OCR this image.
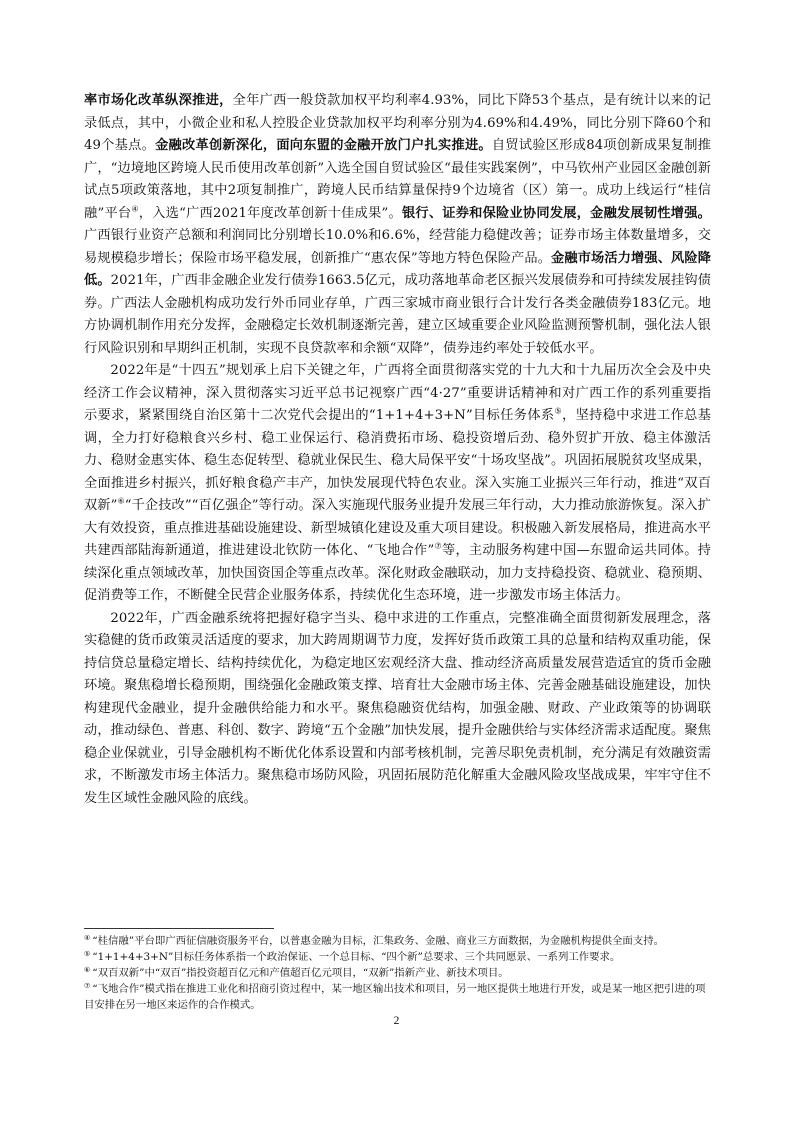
率市场化改革纵深推进，全年广西一般贷款加权平均利率4.93%，同比下降53个基点，是有统计以来的记录低点，其中，小微企业和私人控股企业贷款加权平均利率分别为4.69%和4.49%，同比分别下降60个和49个基点。金融改革创新深化，面向东盟的金融开放门户扎实推进。自贸试验区形成84项创新成果复制推广，“边境地区跨境人民币使用改革创新”入选全国自贸试验区“最佳实践案例”，中马钦州产业园区金融创新试点5项政策落地，其中2项复制推广，跨境人民币结算量保持9个边境省（区）第一。成功上线运行“桂信融”平台④，入选“广西2021年度改革创新十佳成果”。银行、证券和保险业协同发展，金融发展韧性增强。广西银行业资产总额和利润同比分别增长10.0%和6.6%，经营能力稳健改善；证券市场主体数量增多，交易规模稳步增长；保险市场平稳发展，创新推广“惠农保”等地方特色保险产品。金融市场活力增强、风险降低。2021年，广西非金融企业发行债券1663.5亿元，成功落地革命老区振兴发展债券和可持续发展挂钩债券。广西法人金融机构成功发行外币同业存单，广西三家城市商业银行合计发行各类金融债券183亿元。地方协调机制作用充分发挥，金融稳定长效机制逐渐完善，建立区域重要企业风险监测预警机制，强化法人银行风险识别和早期纠正机制，实现不良贷款率和余额“双降”，债券违约率处于较低水平。

2022年是“十四五”规划承上启下关键之年，广西将全面贯彻落实党的十九大和十九届历次全会及中央经济工作会议精神，深入贯彻落实习近平总书记视察广西“4·27”重要讲话精神和对广西工作的系列重要指示要求，紧紧围绕自治区第十二次党代会提出的“1+1+4+3+N”目标任务体系⑤，坚持稳中求进工作总基调，全力打好稳粮食兴乡村、稳工业保运行、稳消费拓市场、稳投资增后劲、稳外贸扩开放、稳主体激活力、稳财金惠实体、稳生态促转型、稳就业保民生、稳大局保平安“十场攻坚战”。巩固拓展脱贫攻坚成果，全面推进乡村振兴，抓好粮食稳产丰产，加快发展现代特色农业。深入实施工业振兴三年行动，推进“双百双新”⑥“千企技改”“百亿强企”等行动。深入实施现代服务业提升发展三年行动，大力推动旅游恢复。深入扩大有效投资，重点推进基础设施建设、新型城镇化建设及重大项目建设。积极融入新发展格局，推进高水平共建西部陆海新通道，推进建设北钦防一体化、“飞地合作”⑦等，主动服务构建中国—东盟命运共同体。持续深化重点领域改革，加快国资国企等重点改革。深化财政金融联动，加力支持稳投资、稳就业、稳预期、促消费等工作，不断健全民营企业服务体系，持续优化生态环境，进一步激发市场主体活力。

2022年，广西金融系统将把握好稳字当头、稳中求进的工作重点，完整准确全面贯彻新发展理念，落实稳健的货币政策灵活适度的要求，加大跨周期调节力度，发挥好货币政策工具的总量和结构双重功能，保持信贷总量稳定增长、结构持续优化，为稳定地区宏观经济大盘、推动经济高质量发展营造适宜的货币金融环境。聚焦稳增长稳预期，围绕强化金融政策支撑、培育壮大金融市场主体、完善金融基础设施建设，加快构建现代金融业，提升金融供给能力和水平。聚焦稳融资优结构，加强金融、财政、产业政策等的协调联动，推动绿色、普惠、科创、数字、跨境“五个金融”加快发展，提升金融供给与实体经济需求适配度。聚焦稳企业保就业，引导金融机构不断优化体系设置和内部考核机制，完善尽职免责机制，充分满足有效融资需求，不断激发市场主体活力。聚焦稳市场防风险，巩固拓展防范化解重大金融风险攻坚战成果，牢牢守住不发生区域性金融风险的底线。

④ “桂信融”平台即广西征信融资服务平台，以普惠金融为目标，汇集政务、金融、商业三方面数据，为金融机构提供全面支持。
⑤ “1+1+4+3+N”目标任务体系指一个政治保证、一个总目标、“四个新”总要求、三个共同愿景、一系列工作要求。
⑥ “双百双新”中“双百”指投资超百亿元和产值超百亿元项目，“双新”指新产业、新技术项目。
⑦ “飞地合作”模式指在推进工业化和招商引资过程中，某一地区输出技术和项目，另一地区提供土地进行开发，或是某一地区把引进的项目安排在另一地区来运作的合作模式。
2
